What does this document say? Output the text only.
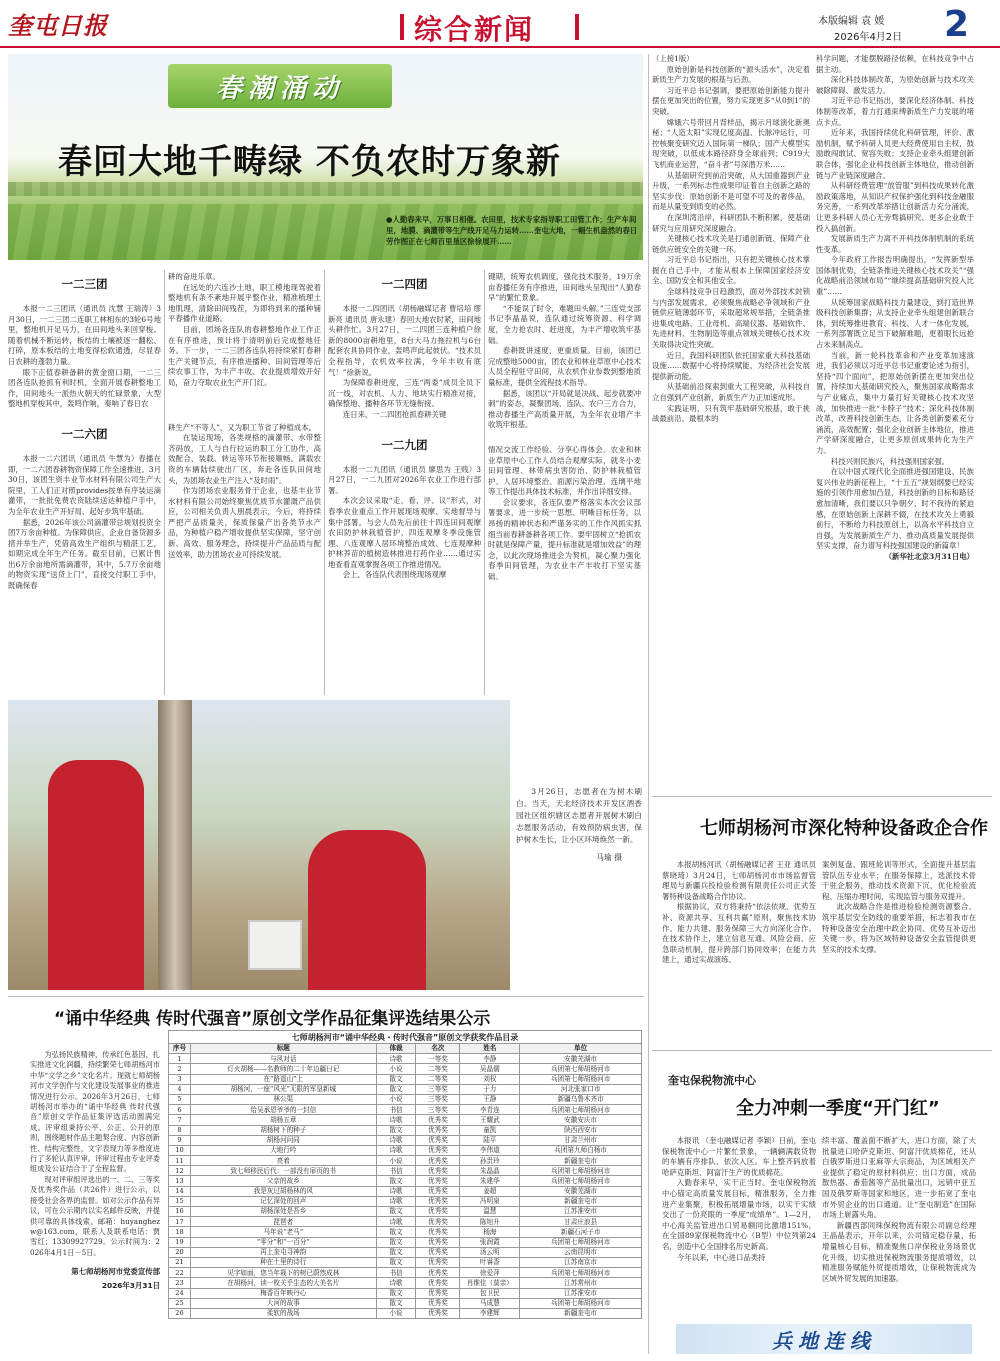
奎屯日报	综合新闻	本版编辑 袁 媛
2026年4月2日 2
春潮涌动
春回大地千畴绿 不负农时万象新
●人勤春来早，万事日相催。农田里，技术专家指导职工田管工作；生产车间里，地膜、滴灌带等生产线开足马力运转……奎屯大地，一幅生机盎然的春日劳作图正在七师百里垦区徐徐展开……
一二三团

本报一二三团讯（通讯员 沈慧 王瑞涛）3月30日，一二三团二连职工林相东的3轮6号地里，整地机开足马力，在田间地头来回穿梭。随着机械不断运转，板结的土壤被逐一翻松、打碎，原本板结的土地变得松软通透，尽显春日农耕的蓬勃力量。

眼下正值春耕备耕的黄金窗口期，一二三团各连队抢抓有利时机，全面开展春耕整地工作，田间地头一派热火朝天的忙碌景象，大型整地机穿梭其中，轰鸣作响，奏响了春日农

一二六团

本报一二六团讯（通讯员 牛慧为）春播在即，一二六团春耕物资保障工作全速推进。3月30日，该团生资丰业节水材料有限公司生产大院里，工人们正对照provides按单有序装运滴灌带，一批批免费农资陆续送达种植户手中，为全年农业生产开好局、起好步筑牢基础。

据悉，2026年该公司滴灌带总规划投资全团7万余亩种植。为保障供应，企业自备货源多措并举生产，凭借高效生产组织与精湛工艺，如期完成全年生产任务。截至目前，已累计售出6万余亩地所需滴灌带，其中，5.7万余亩地的物资实现“送货上门”，直接交付职工手中，既确保春

耕的奋进乐章。

在远处的六连沙土地，职工模地现驾驶着整地机有条不紊地开展平整作业，精准梳理土地肌理，清除田间残茬，为即将到来的播种铺平春播作业道路。

目前，团场各连队的春耕整地作业工作正在有序推进，预计将于清明前后完成整地任务。下一步，一二三团各连队将持续紧盯春耕生产关键节点，有序推进播种、田间管理等后续农事工作，为丰产丰收、农业提质增效开好局，奋力夺取农业生产开门红。

耕生产“不等人”，又为职工节省了种植成本。

在装运现场，各类规格的滴灌带、水带整齐码放，工人与自行拉运的职工分工协作，高效配合，装载、转运等环节衔接顺畅。满载农资的车辆陆续驶出厂区，奔赴各连队田间地头，为团场农业生产注入“及时雨”。

作为团场农业服务骨干企业，也基丰业节水材料有限公司始终聚焦优质节水灌溉产品供应，公司相关负责人朋晨表示，今后，将持续严把产品质量关，保质保量产出各类节水产品，为种植户稳产增收提供坚实保障，坚守创新、高效、服务理念，持续提升产品品质与配送效率，助力团场农业可持续发展。

一二四团

本报一二四团讯（胡杨融媒记者 曹培培 缪新亮 通讯员 唐永建）春回大地农时紧，田间地头耕作忙。3月27日，一二四团三连种植户徐新的8000亩耕地里，8台大马力拖拉机与6台配套农具协同作业，轰鸣声此起彼伏。“技术员全程指导，农机效率拉满，今年丰收有底气！”徐新说。

为保障春耕进度，三连“两委”成员全员下沉一线，对农机、人力、地块实行精准对接，确保整地、播种各环节无缝衔接。

连日来，一二四团抢抓春耕关键

一二九团

本报一二九团讯（通讯员 廖思为 王贱）3月27日，一二九团对2026年农业工作进行部署。

本次会议采取“走、看、评、议”形式，对春季农业重点工作开展现场观摩、实地督导与集中部署。与会人员先后前往十四连田间观摩农田防护林栽植管护、四连观摩冬季设施管理、八连观摩人居环境整治成效、七连观摩种护林养苗的植树造林推进打药作业……通过实地查看直观掌握各项工作推进情况。

会上，各连队代表围绕现场观摩

键期，统筹农机调度，强化技术服务，19万余亩春播任务有序推进，田间地头呈现出“人勤春早”的繁忙景象。

“不能误了时令，难题田头解。”三连党支部书记李晶晶说，连队通过统筹资源、科学调度，全力抢农时、赶进度，为丰产增收筑牢基础。

春耕既讲速度，更重质量。目前，该团已完成整地5000亩，团农业和林业草原中心技术人员全程驻守田间，从农机作业参数到整地质量标准，提供全流程技术指导。

据悉，该团以“开局就是决战、起步就要冲刺”的姿态，凝聚团场、连队、农户三方合力，推动春播生产高质量开展，为全年农业增产丰收筑牢根基。

情况交流工作经验、分享心得体会。农业和林业草原中心工作人员结合观摩实际，就冬小麦田间管理、林带病虫害防治、防护林栽植管护、人居环境整治、面源污染治理、连璃平地等工作提出具体技术标准，并作出详细安排。

会议要求，各连队要严格落实本次会议部署要求，进一步统一思想、明晰目标任务，以昂扬的精神状态和严谨务实的工作作风抓实抓细当前春耕备耕各项工作。要牢固树立“抢抓农时就是保障产量，提升标准就是增加效益”的理念，以此次现场推进会为契机，凝心聚力强化春季田间管理，为农业丰产丰收打下坚实基础。

3月26日，志愿者在为树木刷白。当天，天北经济技术开发区酒香园社区组织辖区志愿者开展树木刷白志愿服务活动，有效预防病虫害，保护树木生长，让小区环境焕然一新。
马瑜 摄

（上接1版）

原始创新是科技创新的“源头活水”，决定着新质生产力发展的根基与后劲。

习近平总书记强调，要把原始创新能力提升摆在更加突出的位置，努力实现更多“从0到1”的突破。

嫦娥六号带回月背样品，揭示月球演化新奥秘；“人造太阳”实现亿度高温、长脉冲运行，可控核聚变研究迈入国际第一梯队；国产大模型实现突破，以低成本路径跻身全球前列；C919大飞机商业运营，“奋斗者”号深潜万米……

从基础研究到前沿突破，从大国重器到产业升级，一系列标志性成果印证着自主创新之路的坚实步伐：原始创新不是可望不可及的奢侈品，而是从量变到质变的必然。

在深圳湾沿岸，科研团队不断积累，使基础研究与应用研究深度融合。

关键核心技术攻关是打通创新链、保障产业链供应链安全的关键一环。

习近平总书记指出，只有把关键核心技术掌握在自己手中，才能从根本上保障国家经济安全、国防安全和其他安全。

全球科技竞争日趋激烈，面对外部技术封锁与内部发展需求，必须聚焦战略必争领域和产业链供应链薄弱环节，采取超常规举措，全链条推进集成电路、工业母机、高端仪器、基础软件、先进材料、生物制造等重点领域关键核心技术攻关取得决定性突破。

近日，我国科研团队依托国家重大科技基础设施……数据中心将持续赋能，为经济社会发展提供新动能。

从基础前沿探索到重大工程突破，从科技自立自强到产业创新，新质生产力正加速成形。

实践证明，只有筑牢基础研究根基，敢于挑战最前沿、最根本的

科学问题，才能摆脱路径依赖，在科技竞争中占据主动。

深化科技体制改革，为原始创新与技术攻关破除障碍、激发活力。

习近平总书记指出，要深化经济体制、科技体制等改革，着力打通束缚新质生产力发展的堵点卡点。

近年来，我国持续优化科研管理，评价、激励机制，赋予科研人员更大经费使用自主权，鼓励敢闯敢试、宽容失败；支持企业牵头组建创新联合体，强化企业科技创新主体地位，推动创新链与产业链深度融合。

从科研经费管理“放管服”到科技成果转化激励政策落地，从知识产权保护强化到科技金融服务完善，一系列改革举措让创新活力充分涌流，让更多科研人员心无旁骛搞研究、更多企业敢于投入搞创新。

发展新质生产力离不开科技体制机制的系统性变革。

今年政府工作报告明确提出，“发挥新型举国体制优势，全链条推进关键核心技术攻关”“强化战略前沿领域布局”“继续提高基础研究投入比重”……

从统筹国家战略科技力量建设，到打造世界级科技创新集群；从支持企业牵头组建创新联合体，到统筹推进教育、科技、人才一体化发展，一系列部署既立足当下破解难题，更着眼长远抢占未来制高点。

当前，新一轮科技革命和产业变革加速演进，我们必须以习近平总书记重要论述为指引，坚持“四个面向”，把原始创新摆在更加突出位置，持续加大基础研究投入，聚焦国家战略需求与产业痛点，集中力量打好关键核心技术攻坚战，加快推进一批“卡脖子”技术；深化科技体制改革，改善科技创新生态，让各类创新要素充分涌流，高效配置；强化企业创新主体地位，推进产学研深度融合，让更多原创成果转化为生产力。

科技兴则民族兴，科技强则国家强。

在以中国式现代化全面推进强国建设、民族复兴伟业的新征程上，“十五五”规划纲要已经实施的引领作用愈加凸显，科技创新的目标和路径愈加清晰，我们要以只争朝夕、时不我待的紧迫感，在原始创新上深耕不辍，在技术攻关上勇毅前行，不断给力科技原创上，以高水平科技自立自强，为发展新质生产力、推动高质量发展提供坚实支撑，奋力谱写科技强国建设的新篇章！

（新华社北京3月31日电）

七师胡杨河市深化特种设备政企合作

本报胡杨河讯（胡杨融媒记者 王亚 通讯员 蔡晓琦）3月24日，七师胡杨河市市场监督管理局与新疆兵投检验检测有限责任公司正式签署特种设备战略合作协议。

根据协议，双方将秉持“依法依规、优势互补、资源共享、互利共赢”原则，聚焦技术协作、能力共建、服务保障三大方向深化合作。在技术协作上，建立信息互通、风险会商、应急联动机制，提升跨部门协同效率；在能力共建上，通过实战演练、

案例复盘、跟班轮训等形式，全面提升基层监管队伍专业水平；在服务保障上，选派技术骨干驻企服务，推动技术资源下沉，优化检验流程、压缩办理时间，实现监管与服务双提升。

此次战略合作是推进检验检测资源整合、筑牢基层安全防线的重要举措，标志着我市在特种设备安全治理中政企协同、优势互补迈出关键一步，将为区域特种设备安全监管提供更坚实的技术支撑。

奎屯保税物流中心
全力冲刺一季度“开门红”

本报讯 （奎屯融媒记者 李颖）日前，奎屯保税物流中心一片繁忙景象，一辆辆满载货物的车辆有序排队、依次入区。车上整齐码放着哈萨克斯坦、阿富汗生产的优质棉花。

入勤春来早，实干正当时。奎屯保税物流中心锚定高质量发展目标，精准服务，全力推进产业集聚，积极拓展增量市场，以实干实绩交出了一份亮眼的一季度“成绩单”。1—2月，中心海关监管进出口贸易额同比激增151%，在全国89家保税物流中心（B型）中位列第24名，创造中心全国排名历史新高。

今年以来，中心进口品类持

续丰富、覆盖面不断扩大，进口方面，除了大批量进口哈萨克斯坦、阿富汗优质棉花，还从白俄罗斯进口亚麻等大宗商品，为区域相关产业提供了稳定的原材料供应；出口方面，成品散热器、番茄酱等产品批量出口，远销中亚五国及俄罗斯等国家和地区，进一步拓宽了奎屯市外贸企业的出口通道。让“奎屯制造”在国际市场上崭露头角。

新疆西部同珠保税物流有限公司副总经理王晶晶表示，开年以来，公司锚定稳存量、拓增量核心目标，精准聚焦口岸保税业务场景优化升级，切实推进保税物流服务提质增效，以精准服务赋能外贸提质增效，让保税物流成为区域外贸发展的加速器。

兵地连线
“诵中华经典 传时代强音”原创文学作品征集评选结果公示

为弘扬民族精神，传承红色基因，扎实推进文化润疆，持续繁荣七师胡杨河市中华“文学之乡”文化名片。现就七师胡杨河市文学创作与文化建设发展事业的推进情况进行公示。2026年3月26日，七师胡杨河市举办的“诵中华经典 传时代强音”原创文学作品征集评选活动圆满完成。评审组秉持公平、公正、公开的原则，围绕题材作品主题契合度、内容创新性、结构完整性、文字表现力等多维度进行了多轮认真评审。评审过程由专业评委组成及公证结合于了全程监督。

现对评审组评选出的一、二、三等奖及优秀奖作品（共26件）进行公示，以接受社会各界的监督。如对公示作品有异议，可在公示期内以实名邮件反映，并提供可靠的具体线索。邮箱：huyanghezw@163.com，联系人及联系电话：贾雪红；13309927729。公示时间为：2026年4月1日－5日。

第七师胡杨河市党委宣传部
2026年3月31日
七师胡杨河市“诵中华经典・传时代强音”原创文学获奖作品目录
序号	标题	体裁	名次	姓名	单位
1	与风对话	诗歌	一等奖	李静	安徽芜湖市
2	灯火胡杨——名教师的二十年边疆日记	小说	二等奖	吴晶儒	兵团第七师胡杨河市
3	在“路遥山”上	散文	二等奖	刘权	兵团第七师胡杨河市
4	胡杨河，一座“风光”无限的军垦新城	散文	三等奖	于力	河北张家口市
5	林公渠	小说	三等奖	王静	新疆乌鲁木齐市
6	给吴承恩爷爷的一封信	书信	三等奖	李青连	兵团第七师胡杨河市
7	胡杨五章	诗歌	优秀奖	王耀武	安徽安庆市
8	胡杨树下的种子	散文	优秀奖	童凯	陕西西安市
9	胡杨河问同	诗歌	优秀奖	陆平	甘肃兰州市
10	大地行吟	诗歌	优秀奖	李伟道	兵团第九师白杨市
11	亮着	小说	优秀奖	孙贵玲	新疆奎屯市
12	致七师移民后代：一部没有扉页的书	书信	优秀奖	朱晶晶	兵团第七师胡杨河市
13	父亲的故乡	散文	优秀奖	朱建华	兵团第七师胡杨河市
14	我是灰过胡杨林的风	诗歌	优秀奖	姜超	安徽芜湖市
15	记忆深处的回声	诗歌	优秀奖	冯明泉	新疆奎屯市
16	胡杨深处是吾乡	散文	优秀奖	温慧	江苏淮安市
17	琵琶者	诗歌	优秀奖	陈旭升	甘肃庄浪县
18	马年说“老马”	散文	优秀奖	杨海	新疆石河子市
19	“零分”和“一百分”	散文	优秀奖	张润霞	兵团第七师胡杨河市
20	再上奎屯寻神韵	散文	优秀奖	汤云明	云南昆明市
21	种在土里的诗行	散文	优秀奖	叶睿香	江苏南京市
22	见字如面，您当年栽下的树已蔚然成林	书信	优秀奖	徐爱萍	兵团第七师胡杨河市
23	在胡杨河，读一枚关乎生态的大美名片	诗歌	优秀奖	肖维佳（莫亲）	江苏常州市
24	梅香百年映丹心	散文	优秀奖	包卫民	江苏淮安市
25	大河的故事	散文	优秀奖	马成慧	兵团第七师胡杨河市
26	柔软的战场	小说	优秀奖	李建辉	新疆奎屯市
